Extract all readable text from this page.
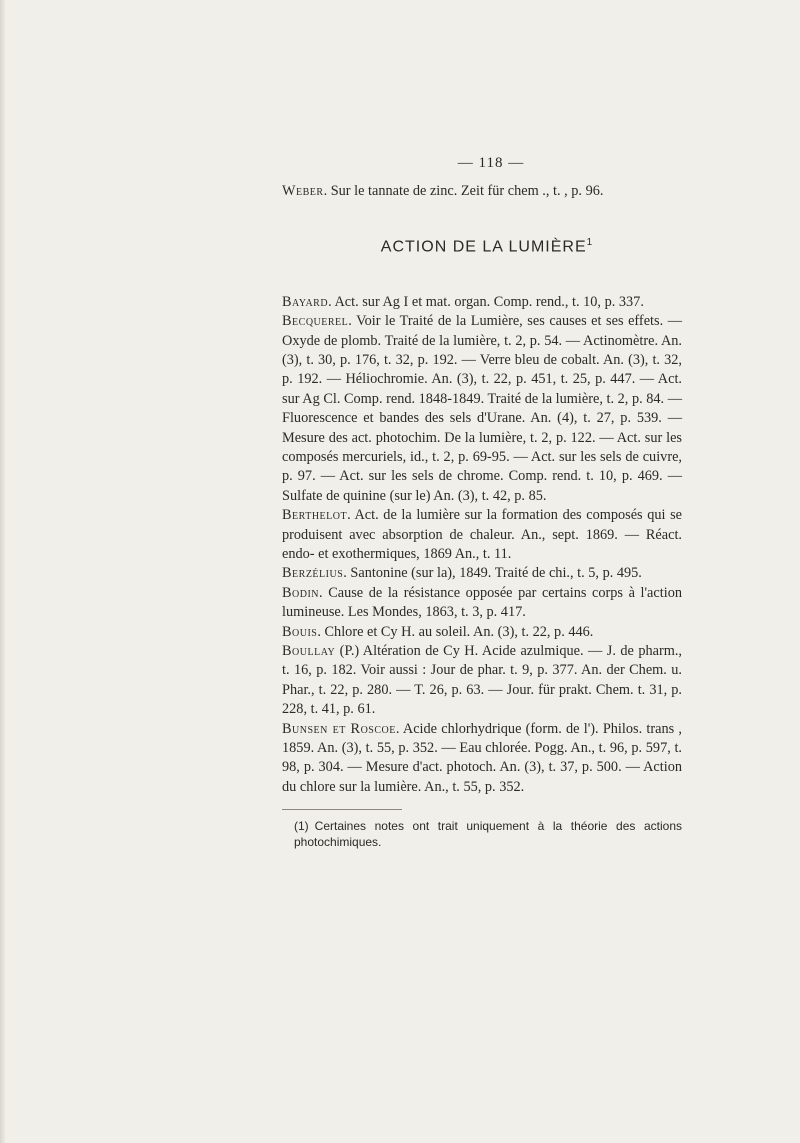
— 118 —

Weber. Sur le tannate de zinc. Zeit für chem ., t. , p. 96.

ACTION DE LA LUMIÈRE$^1$

Bayard. Act. sur Ag I et mat. organ. Comp. rend., t. 10, p. 337.

Becquerel. Voir le Traité de la Lumière, ses causes et ses effets. — Oxyde de plomb. Traité de la lumière, t. 2, p. 54. — Actinomètre. An. (3), t. 30, p. 176, t. 32, p. 192. — Verre bleu de cobalt. An. (3), t. 32, p. 192. — Héliochromie. An. (3), t. 22, p. 451, t. 25, p. 447. — Act. sur Ag Cl. Comp. rend. 1848-1849. Traité de la lumière, t. 2, p. 84. — Fluorescence et bandes des sels d'Urane. An. (4), t. 27, p. 539. — Mesure des act. photochim. De la lumière, t. 2, p. 122. — Act. sur les composés mercuriels, id., t. 2, p. 69-95. — Act. sur les sels de cuivre, p. 97. — Act. sur les sels de chrome. Comp. rend. t. 10, p. 469. — Sulfate de quinine (sur le) An. (3), t. 42, p. 85.

Berthelot. Act. de la lumière sur la formation des composés qui se produisent avec absorption de chaleur. An., sept. 1869. — Réact. endo- et exothermiques, 1869 An., t. 11.

Berzélius. Santonine (sur la), 1849. Traité de chi., t. 5, p. 495.

Bodin. Cause de la résistance opposée par certains corps à l'action lumineuse. Les Mondes, 1863, t. 3, p. 417.

Bouis. Chlore et Cy H. au soleil. An. (3), t. 22, p. 446.

Boullay (P.) Altération de Cy H. Acide azulmique. — J. de pharm., t. 16, p. 182. Voir aussi : Jour de phar. t. 9, p. 377. An. der Chem. u. Phar., t. 22, p. 280. — T. 26, p. 63. — Jour. für prakt. Chem. t. 31, p. 228, t. 41, p. 61.

Bunsen et Roscoe. Acide chlorhydrique (form. de l'). Philos. trans , 1859. An. (3), t. 55, p. 352. — Eau chlorée. Pogg. An., t. 96, p. 597, t. 98, p. 304. — Mesure d'act. photoch. An. (3), t. 37, p. 500. — Action du chlore sur la lumière. An., t. 55, p. 352.

(1) Certaines notes ont trait uniquement à la théorie des actions photochimiques.
